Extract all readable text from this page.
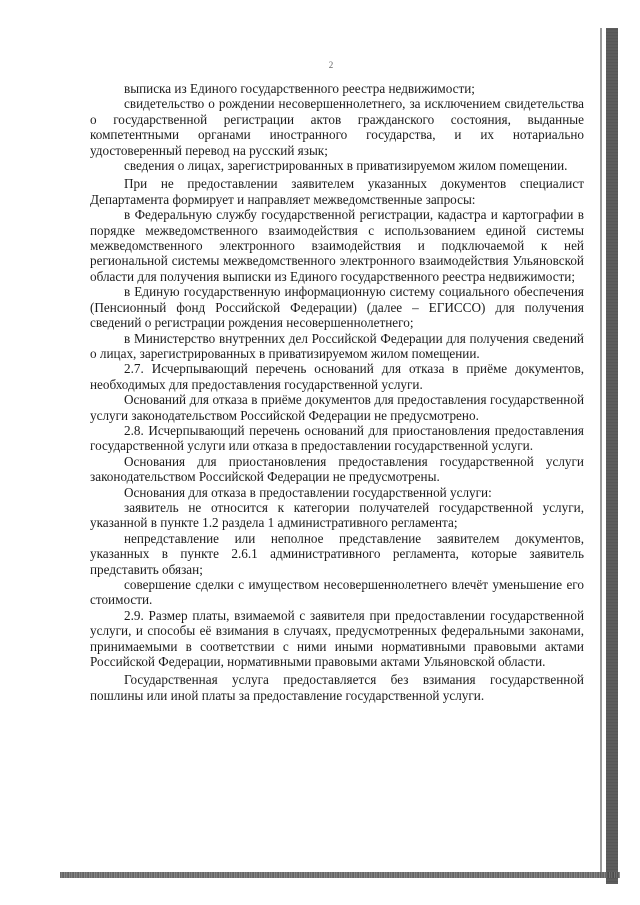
2

выписка из Единого государственного реестра недвижимости;

свидетельство о рождении несовершеннолетнего, за исключением свидетельства о государственной регистрации актов гражданского состояния, выданные компетентными органами иностранного государства, и их нотариально удостоверенный перевод на русский язык;

сведения о лицах, зарегистрированных в приватизируемом жилом помещении.

При не предоставлении заявителем указанных документов специалист Департамента формирует и направляет межведомственные запросы:

в Федеральную службу государственной регистрации, кадастра и картографии в порядке межведомственного взаимодействия с использованием единой системы межведомственного электронного взаимодействия и подключаемой к ней региональной системы межведомственного электронного взаимодействия Ульяновской области для получения выписки из Единого государственного реестра недвижимости;

в Единую государственную информационную систему социального обеспечения (Пенсионный фонд Российской Федерации) (далее – ЕГИССО) для получения сведений о регистрации рождения несовершеннолетнего;

в Министерство внутренних дел Российской Федерации для получения сведений о лицах, зарегистрированных в приватизируемом жилом помещении.

2.7. Исчерпывающий перечень оснований для отказа в приёме документов, необходимых для предоставления государственной услуги.

Оснований для отказа в приёме документов для предоставления государственной услуги законодательством Российской Федерации не предусмотрено.

2.8. Исчерпывающий перечень оснований для приостановления предоставления государственной услуги или отказа в предоставлении государственной услуги.

Основания для приостановления предоставления государственной услуги законодательством Российской Федерации не предусмотрены.

Основания для отказа в предоставлении государственной услуги:

заявитель не относится к категории получателей государственной услуги, указанной в пункте 1.2 раздела 1 административного регламента;

непредставление или неполное представление заявителем документов, указанных в пункте 2.6.1 административного регламента, которые заявитель представить обязан;

совершение сделки с имуществом несовершеннолетнего влечёт уменьшение его стоимости.

2.9. Размер платы, взимаемой с заявителя при предоставлении государственной услуги, и способы её взимания в случаях, предусмотренных федеральными законами, принимаемыми в соответствии с ними иными нормативными правовыми актами Российской Федерации, нормативными правовыми актами Ульяновской области.

Государственная услуга предоставляется без взимания государственной пошлины или иной платы за предоставление государственной услуги.
